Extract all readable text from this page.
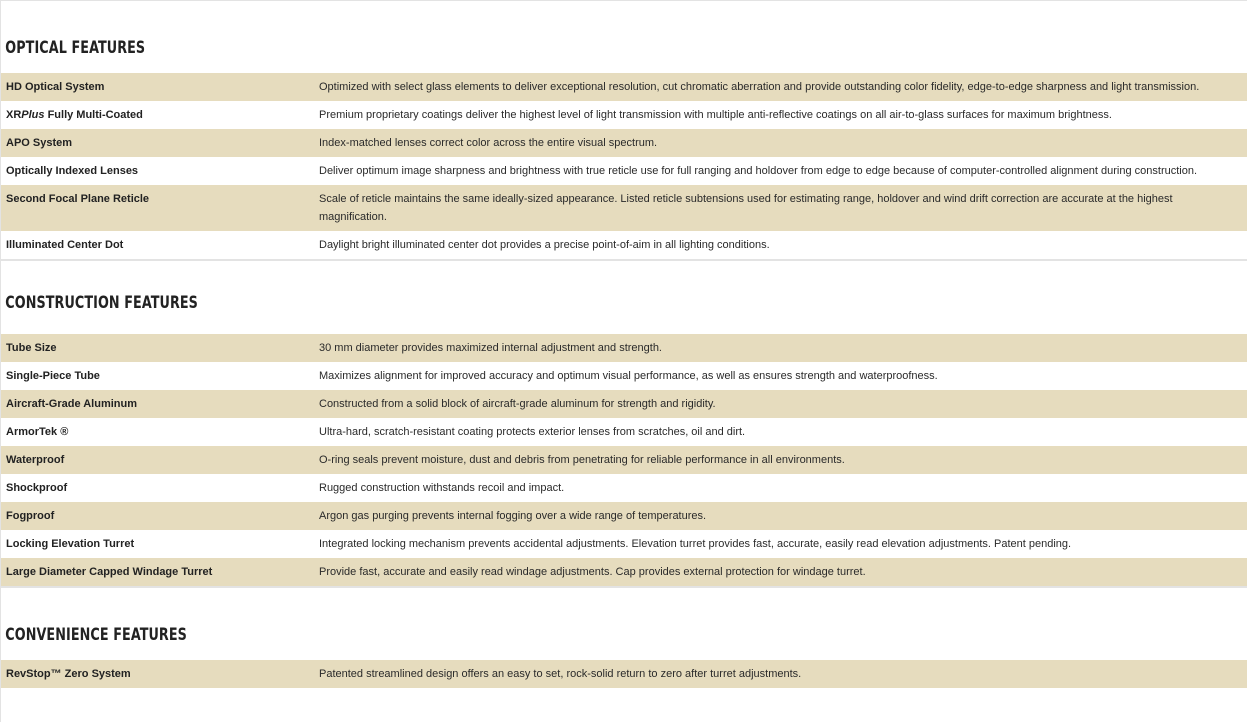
OPTICAL FEATURES
HD Optical System	Optimized with select glass elements to deliver exceptional resolution, cut chromatic aberration and provide outstanding color fidelity, edge-to-edge sharpness and light transmission.
XRPlus Fully Multi-Coated	Premium proprietary coatings deliver the highest level of light transmission with multiple anti-reflective coatings on all air-to-glass surfaces for maximum brightness.
APO System	Index-matched lenses correct color across the entire visual spectrum.
Optically Indexed Lenses	Deliver optimum image sharpness and brightness with true reticle use for full ranging and holdover from edge to edge because of computer-controlled alignment during construction.
Second Focal Plane Reticle	Scale of reticle maintains the same ideally-sized appearance. Listed reticle subtensions used for estimating range, holdover and wind drift correction are accurate at the highest magnification.
Illuminated Center Dot	Daylight bright illuminated center dot provides a precise point-of-aim in all lighting conditions.
CONSTRUCTION FEATURES
Tube Size	30 mm diameter provides maximized internal adjustment and strength.
Single-Piece Tube	Maximizes alignment for improved accuracy and optimum visual performance, as well as ensures strength and waterproofness.
Aircraft-Grade Aluminum	Constructed from a solid block of aircraft-grade aluminum for strength and rigidity.
ArmorTek ®	Ultra-hard, scratch-resistant coating protects exterior lenses from scratches, oil and dirt.
Waterproof	O-ring seals prevent moisture, dust and debris from penetrating for reliable performance in all environments.
Shockproof	Rugged construction withstands recoil and impact.
Fogproof	Argon gas purging prevents internal fogging over a wide range of temperatures.
Locking Elevation Turret	Integrated locking mechanism prevents accidental adjustments. Elevation turret provides fast, accurate, easily read elevation adjustments. Patent pending.
Large Diameter Capped Windage Turret	Provide fast, accurate and easily read windage adjustments. Cap provides external protection for windage turret.
CONVENIENCE FEATURES
RevStop™ Zero System	Patented streamlined design offers an easy to set, rock-solid return to zero after turret adjustments.
